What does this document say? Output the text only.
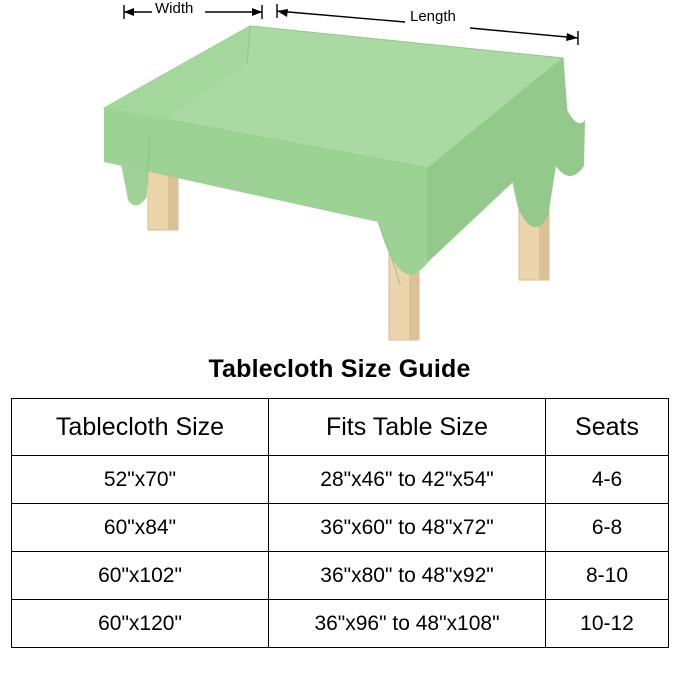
Width	Length
Tablecloth Size Guide
Tablecloth Size	Fits Table Size	Seats
52"x70"	28"x46" to 42"x54"	4-6
60"x84"	36"x60" to 48"x72"	6-8
60"x102"	36"x80" to 48"x92"	8-10
60"x120"	36"x96" to 48"x108"	10-12
